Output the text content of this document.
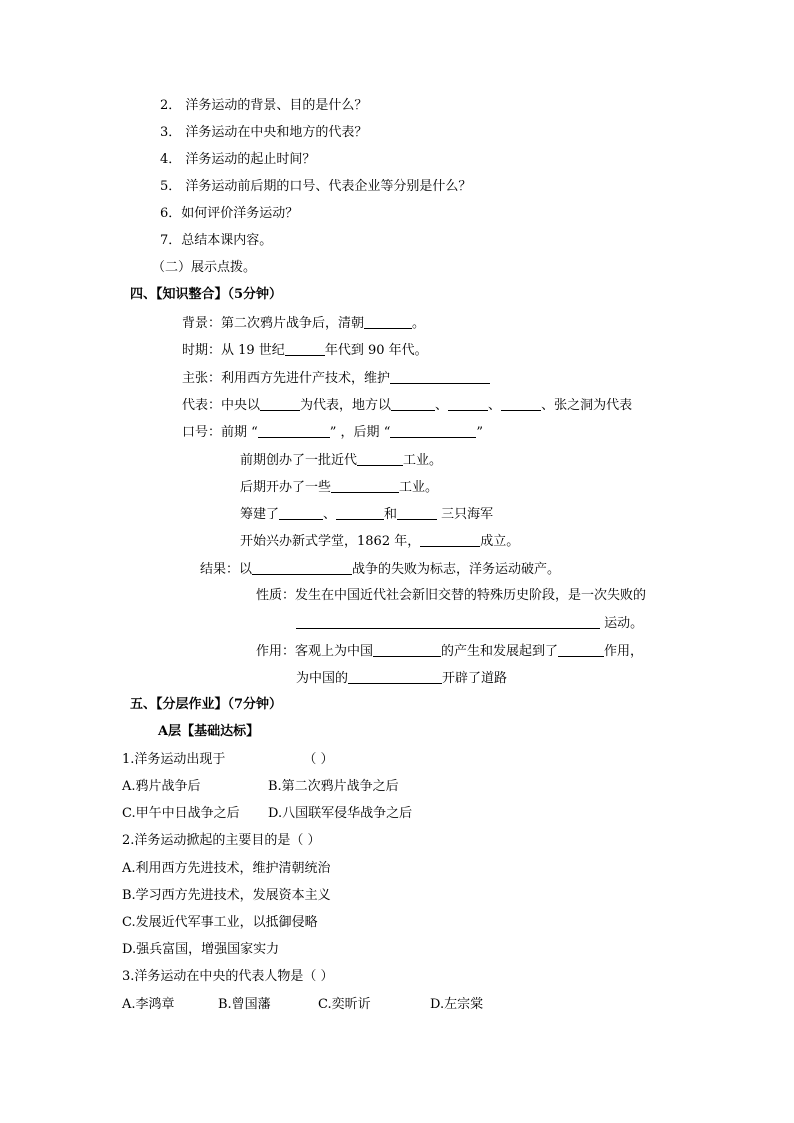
2． 洋务运动的背景、目的是什么？
3． 洋务运动在中央和地方的代表？
4． 洋务运动的起止时间？
5． 洋务运动前后期的口号、代表企业等分别是什么？
6．如何评价洋务运动？
7．总结本课内容。
（二）展示点拨。
四、【知识整合】（5分钟）
背景：第二次鸦片战争后，清朝	。
时期：从 19 世纪	年代到 90 年代。
主张：利用西方先进什产技术，维护
代表：中央以	为代表，地方以	、	、	、张之洞为代表
口号：前期 “	” ，后期 “	”
前期创办了一批近代	工业。
后期开办了一些	工业。
筹建了	、	和	三只海军
开始兴办新式学堂，1862 年，	成立。
结果：以	战争的失败为标志，洋务运动破产。
性质：发生在中国近代社会新旧交替的特殊历史阶段，是一次失败的
运动。
作用：客观上为中国	的产生和发展起到了	作用，
为中国的	开辟了道路
五、【分层作业】（7分钟）
A层【基础达标】
1.洋务运动出现于	（ ）
A.鸦片战争后	B.第二次鸦片战争之后
C.甲午中日战争之后 D.八国联军侵华战争之后
2.洋务运动掀起的主要目的是（ ）
A.利用西方先进技术，维护清朝统治
B.学习西方先进技术，发展资本主义
C.发展近代军事工业，以抵御侵略
D.强兵富国，增强国家实力
3.洋务运动在中央的代表人物是（ ）
A.李鸿章	B.曾国藩	C.奕昕䜣	D.左宗棠
